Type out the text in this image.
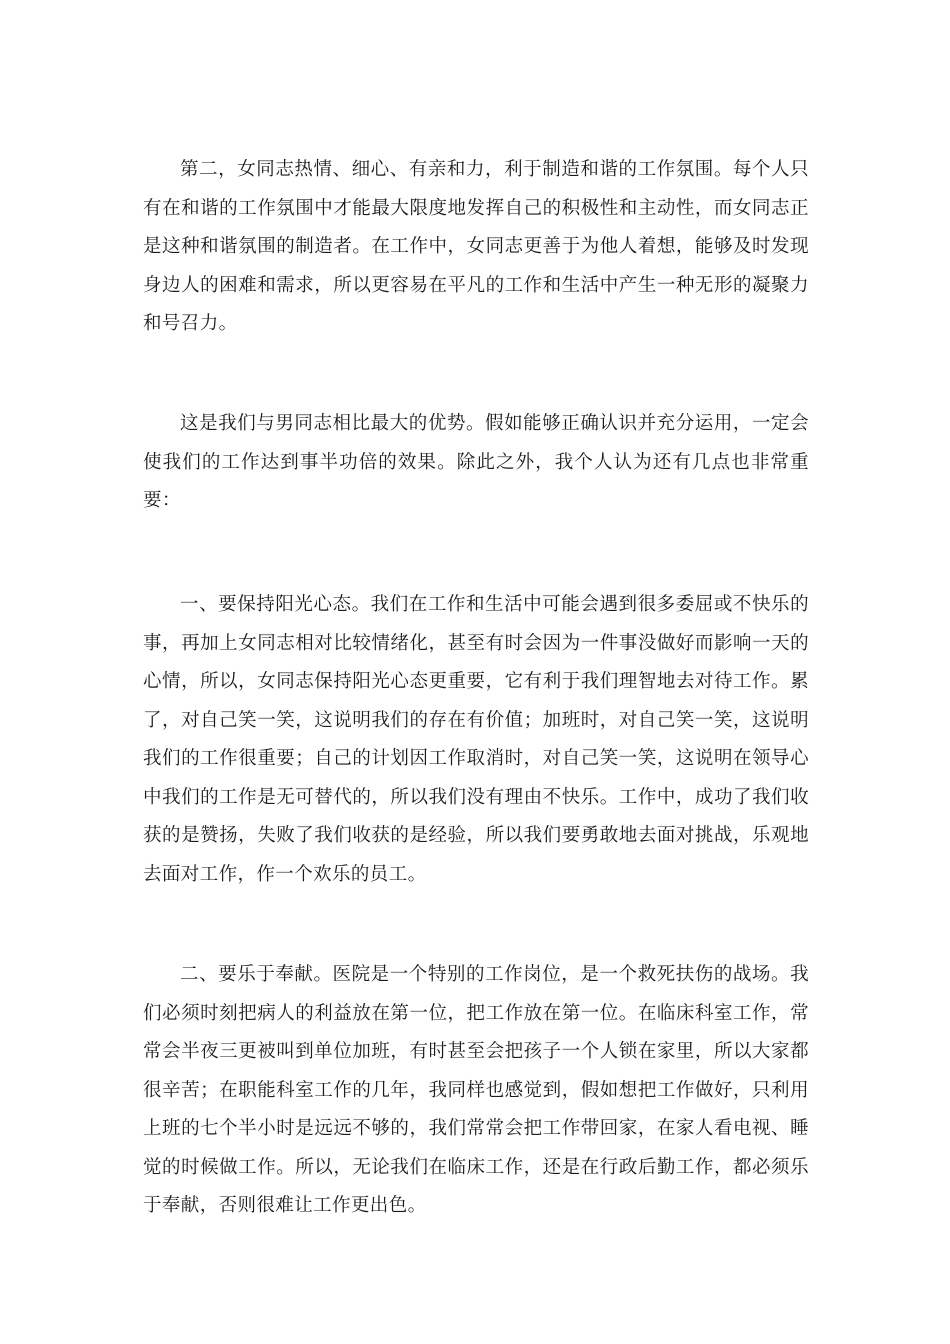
第二，女同志热情、细心、有亲和力，利于制造和谐的工作氛围。每个人只有在和谐的工作氛围中才能最大限度地发挥自己的积极性和主动性，而女同志正是这种和谐氛围的制造者。在工作中，女同志更善于为他人着想，能够及时发现身边人的困难和需求，所以更容易在平凡的工作和生活中产生一种无形的凝聚力和号召力。

这是我们与男同志相比最大的优势。假如能够正确认识并充分运用，一定会使我们的工作达到事半功倍的效果。除此之外，我个人认为还有几点也非常重要：

一、要保持阳光心态。我们在工作和生活中可能会遇到很多委屈或不快乐的事，再加上女同志相对比较情绪化，甚至有时会因为一件事没做好而影响一天的心情，所以，女同志保持阳光心态更重要，它有利于我们理智地去对待工作。累了，对自己笑一笑，这说明我们的存在有价值；加班时，对自己笑一笑，这说明我们的工作很重要；自己的计划因工作取消时，对自己笑一笑，这说明在领导心中我们的工作是无可替代的，所以我们没有理由不快乐。工作中，成功了我们收获的是赞扬，失败了我们收获的是经验，所以我们要勇敢地去面对挑战，乐观地去面对工作，作一个欢乐的员工。

二、要乐于奉献。医院是一个特别的工作岗位，是一个救死扶伤的战场。我们必须时刻把病人的利益放在第一位，把工作放在第一位。在临床科室工作，常常会半夜三更被叫到单位加班，有时甚至会把孩子一个人锁在家里，所以大家都很辛苦；在职能科室工作的几年，我同样也感觉到，假如想把工作做好，只利用上班的七个半小时是远远不够的，我们常常会把工作带回家，在家人看电视、睡觉的时候做工作。所以，无论我们在临床工作，还是在行政后勤工作，都必须乐于奉献，否则很难让工作更出色。
